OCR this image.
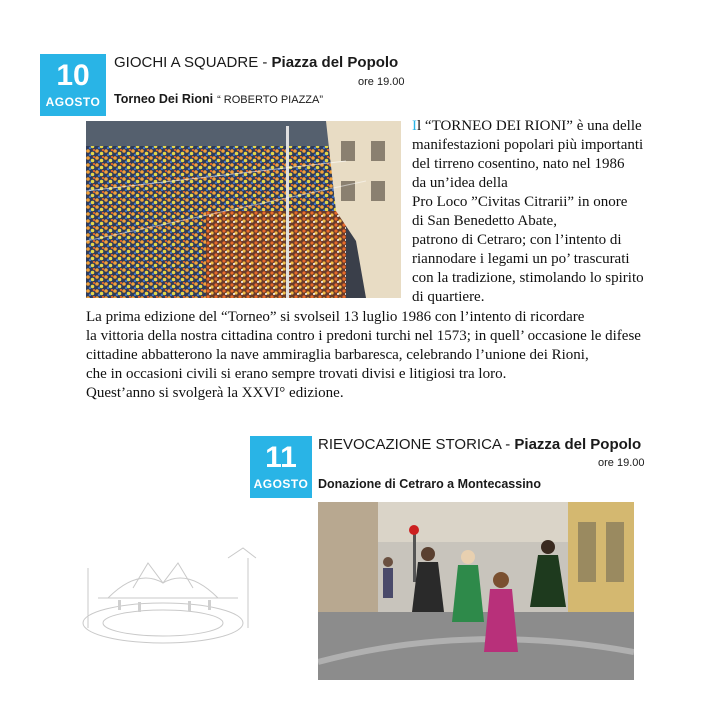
10
AGOSTO
GIOCHI A SQUADRE - Piazza del Popolo
ore 19.00
Torneo Dei Rioni “ ROBERTO PIAZZA”

Il “TORNEO DEI RIONI” è una delle

manifestazioni popolari più importanti

del tirreno cosentino, nato nel 1986

da un’idea della

Pro Loco ”Civitas Citrarii” in onore

di San Benedetto Abate,

patrono di Cetraro; con l’intento di

riannodare i legami un po’ trascurati

con la tradizione, stimolando lo spirito

di quartiere.

La prima edizione del “Torneo” si svolseil 13 luglio 1986 con l’intento di ricordare

la vittoria della nostra cittadina contro i predoni turchi nel 1573; in quell’ occasione le difese

cittadine abbatterono la nave ammiraglia barbaresca, celebrando l’unione dei Rioni,

che in occasioni civili si erano sempre trovati divisi e litigiosi tra loro.

Quest’anno si svolgerà la XXVI° edizione.

11
AGOSTO
RIEVOCAZIONE STORICA - Piazza del Popolo
ore 19.00
Donazione di Cetraro a Montecassino
